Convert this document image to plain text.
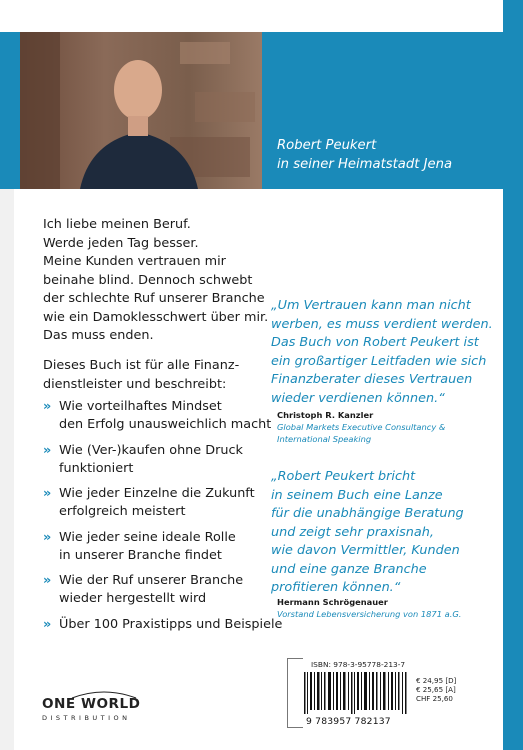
Robert Peukert
in seiner Heimatstadt Jena
Ich liebe meinen Beruf.
Werde jeden Tag besser.
Meine Kunden vertrauen mir
beinahe blind. Dennoch schwebt
der schlechte Ruf unserer Branche
wie ein Damoklesschwert über mir.
Das muss enden.
Dieses Buch ist für alle Finanz-
dienstleister und beschreibt:
» Wie vorteilhaftes Mindset
den Erfolg unausweichlich macht
» Wie (Ver-)kaufen ohne Druck
funktioniert
» Wie jeder Einzelne die Zukunft
erfolgreich meistert
» Wie jeder seine ideale Rolle
in unserer Branche findet
» Wie der Ruf unserer Branche
wieder hergestellt wird
» Über 100 Praxistipps und Beispiele
„Um Vertrauen kann man nicht
werben, es muss verdient werden.
Das Buch von Robert Peukert ist
ein großartiger Leitfaden wie sich
Finanzberater dieses Vertrauen
wieder verdienen können.“
Christoph R. Kanzler
Global Markets Executive Consultancy &
International Speaking
„Robert Peukert bricht
in seinem Buch eine Lanze
für die unabhängige Beratung
und zeigt sehr praxisnah,
wie davon Vermittler, Kunden
und eine ganze Branche
profitieren können.“
Hermann Schrögenauer
Vorstand Lebensversicherung von 1871 a.G.
ISBN: 978-3-95778-213-7
9 783957 782137
€ 24,95 [D]
€ 25,65 [A]
CHF 25,60
ONE WORLD
DISTRIBUTION
